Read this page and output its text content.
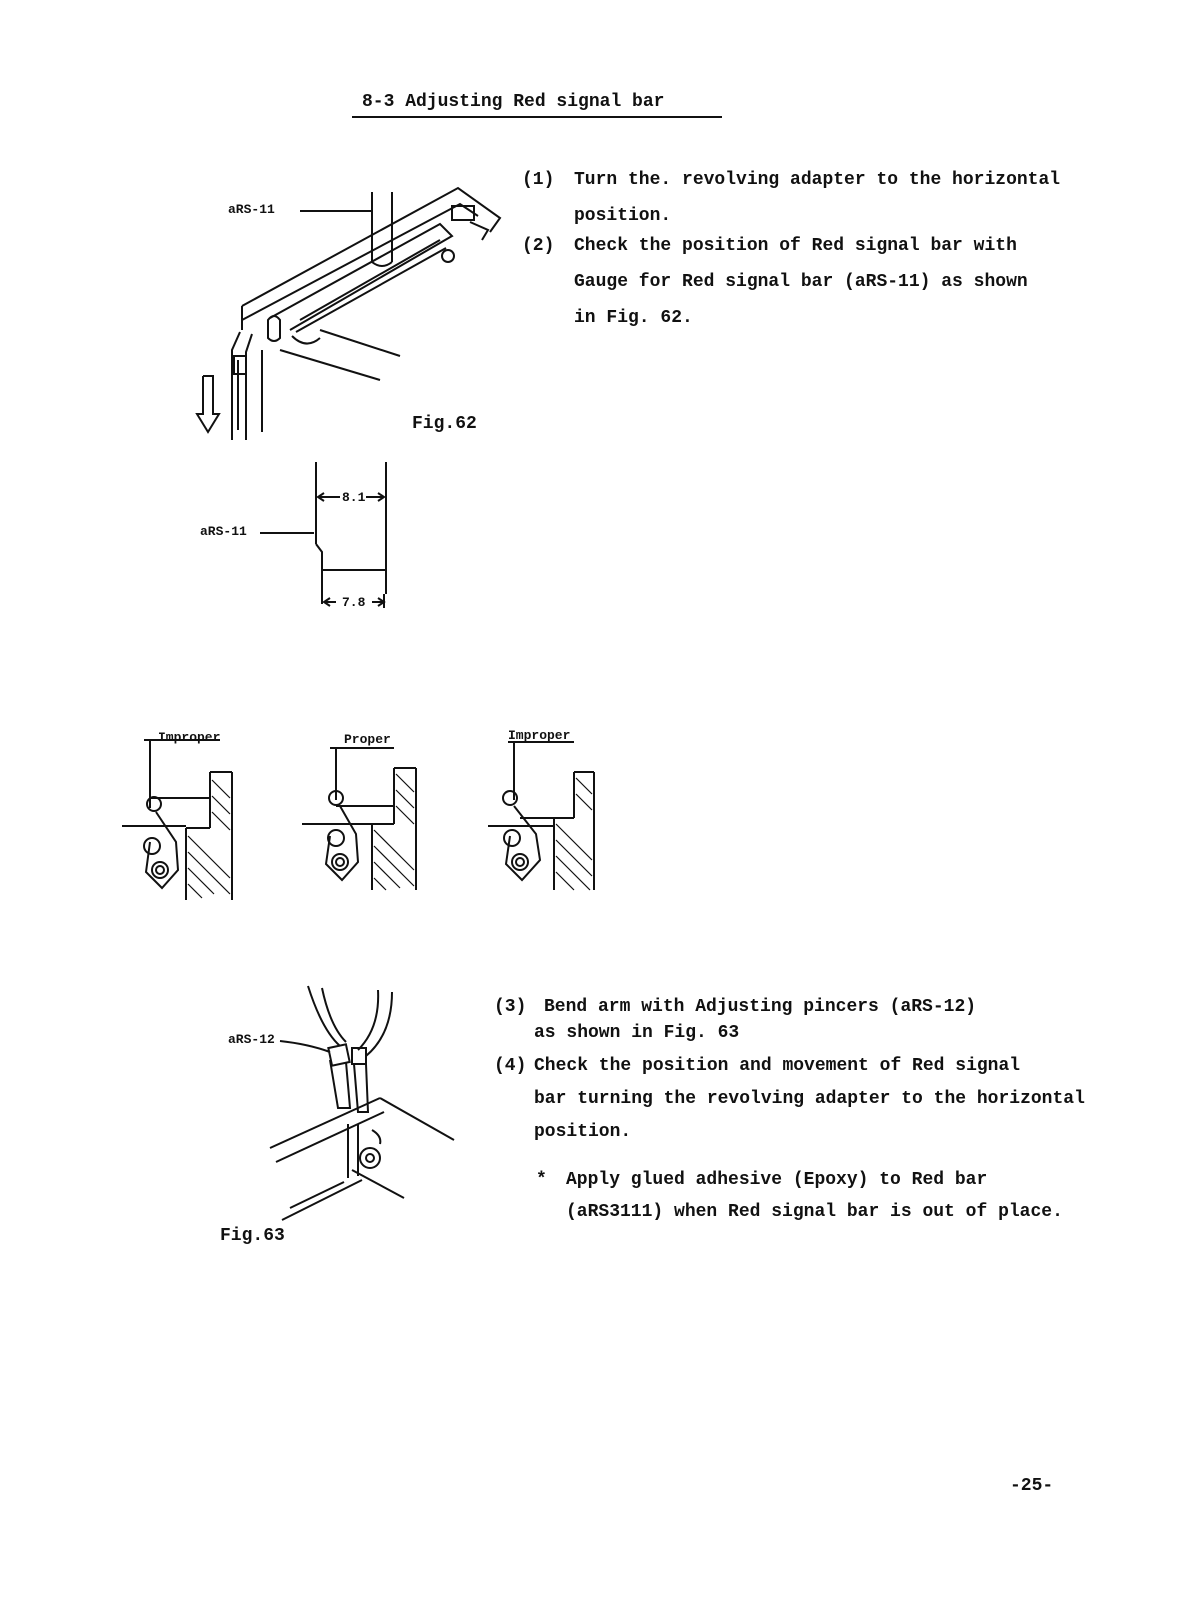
8-3 Adjusting Red signal bar
(1) Turn the. revolving adapter to the horizontal
position.
(2) Check the position of Red signal bar with
Gauge for Red signal bar (aRS-11) as shown
in Fig. 62.
aRS-11
Fig.62
aRS-11
8.1
7.8
Improper	Proper	Improper
aRS-12
Fig.63
(3) Bend arm with Adjusting pincers (aRS-12)
as shown in Fig. 63
(4) Check the position and movement of Red signal
bar turning the revolving adapter to the horizontal
position.
* Apply glued adhesive (Epoxy) to Red bar
(aRS3111) when Red signal bar is out of place.
-25-
